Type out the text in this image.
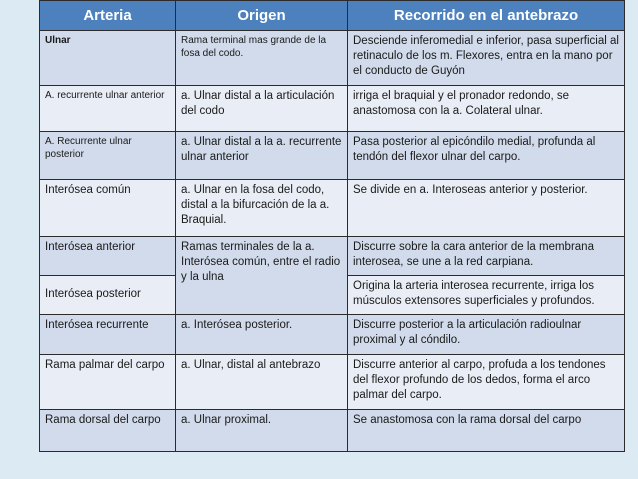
Arteria	Origen	Recorrido en el antebrazo
Ulnar	Rama terminal mas grande de la fosa del codo.	Desciende inferomedial e inferior, pasa superficial al retinaculo de los m. Flexores, entra en la mano por el conducto de Guyón
A. recurrente ulnar anterior	a. Ulnar distal a la articulación del codo	irriga el braquial y el pronador redondo, se anastomosa con la a. Colateral ulnar.
A. Recurrente ulnar posterior	a. Ulnar distal a la a. recurrente ulnar anterior	Pasa posterior al epicóndilo medial, profunda al tendón del flexor ulnar del carpo.
Interósea común	a. Ulnar en la fosa del codo, distal a la bifurcación de la a. Braquial.	Se divide en a. Interoseas anterior y posterior.
Interósea anterior	Ramas terminales de la a. Interósea común, entre el radio y la ulna	Discurre sobre la cara anterior de la membrana interosea, se une a la red carpiana.
Interósea posterior		Origina la arteria interosea recurrente, irriga los músculos extensores superficiales y profundos.
Interósea recurrente	a. Interósea posterior.	Discurre posterior a la articulación radioulnar proximal y al cóndilo.
Rama palmar del carpo	a. Ulnar, distal al antebrazo	Discurre anterior al carpo, profuda a los tendones del flexor profundo de los dedos, forma el arco palmar del carpo.
Rama dorsal del carpo	a. Ulnar proximal.	Se anastomosa con la rama dorsal del carpo
